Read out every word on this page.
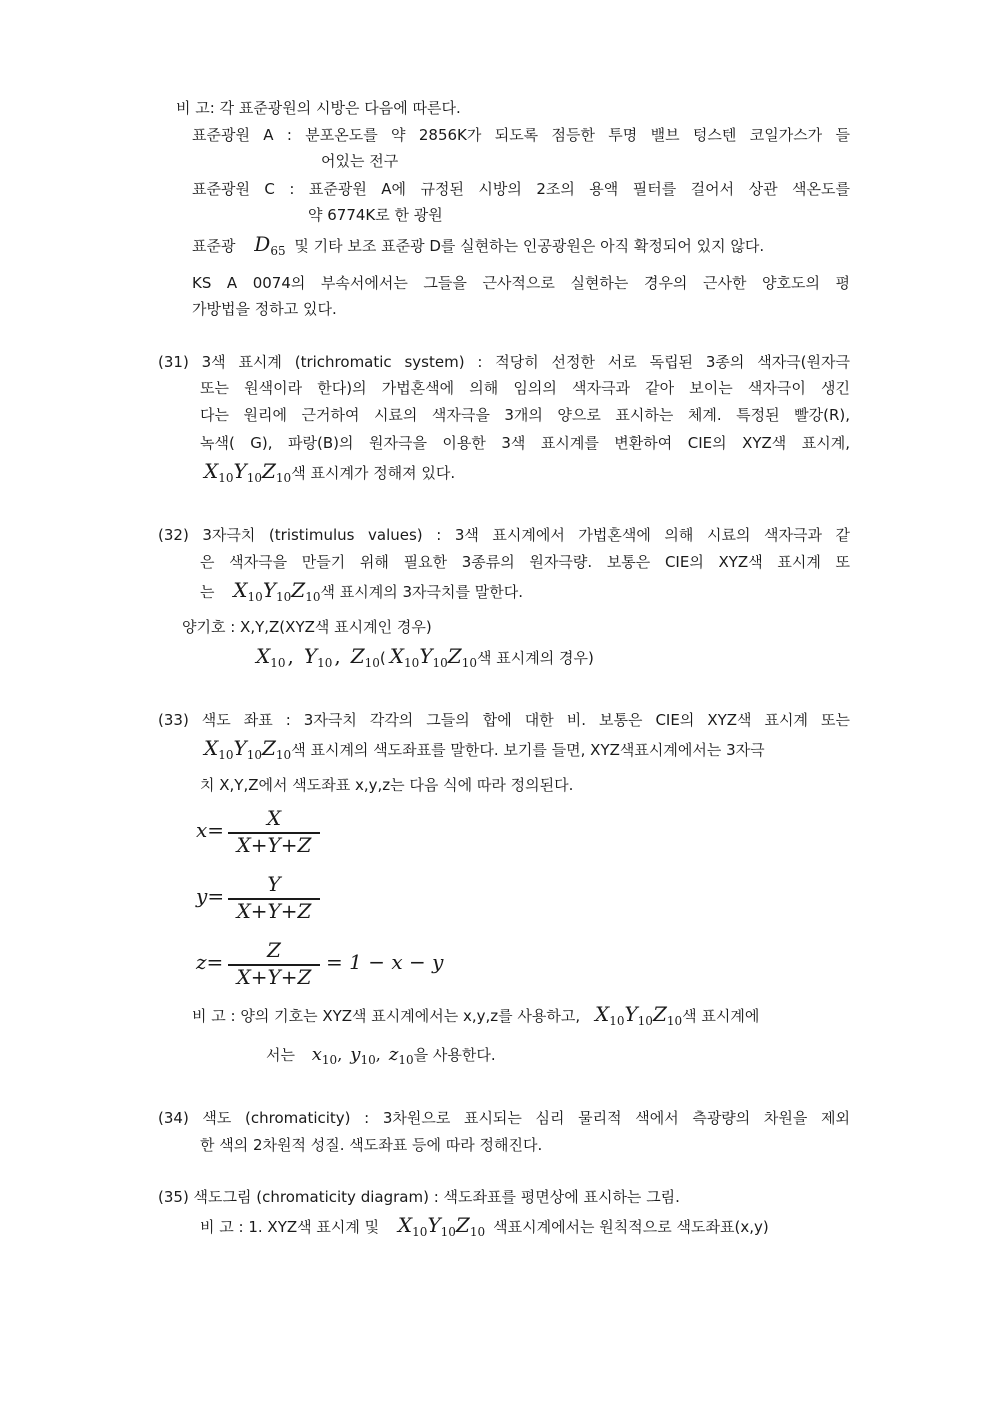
비 고: 각 표준광원의 시방은 다음에 따른다.
표준광원 A : 분포온도를 약 2856K가 되도록 점등한 투명 밸브 텅스텐 코일가스가 들
어있는 전구
표준광원 C : 표준광원 A에 규정된 시방의 2조의 용액 필터를 걸어서 상관 색온도를
약 6774K로 한 광원
표준광 $D_{65}$ 및 기타 보조 표준광 D를 실현하는 인공광원은 아직 확정되어 있지 않다.
KS A 0074의 부속서에서는 그들을 근사적으로 실현하는 경우의 근사한 양호도의 평
가방법을 정하고 있다.
(31) 3색 표시계 (trichromatic system) : 적당히 선정한 서로 독립된 3종의 색자극(원자극
또는 원색이라 한다)의 가법혼색에 의해 임의의 색자극과 같아 보이는 색자극이 생긴
다는 원리에 근거하여 시료의 색자극을 3개의 양으로 표시하는 체계. 특정된 빨강(R),
녹색( G), 파랑(B)의 원자극을 이용한 3색 표시계를 변환하여 CIE의 XYZ색 표시계,
$X_{10}Y_{10}Z_{10}$색 표시계가 정해져 있다.
(32) 3자극치 (tristimulus values) : 3색 표시계에서 가법혼색에 의해 시료의 색자극과 같
은 색자극을 만들기 위해 필요한 3종류의 원자극량. 보통은 CIE의 XYZ색 표시계 또
는 $X_{10}Y_{10}Z_{10}$색 표시계의 3자극치를 말한다.
양기호 : X,Y,Z(XYZ색 표시계인 경우)
$X_{10}$ , $Y_{10}$ , $Z_{10}$( $X_{10}Y_{10}Z_{10}$색 표시계의 경우)
(33) 색도 좌표 : 3자극치 각각의 그들의 합에 대한 비. 보통은 CIE의 XYZ색 표시계 또는
$X_{10}Y_{10}Z_{10}$색 표시계의 색도좌표를 말한다. 보기를 들면, XYZ색표시계에서는 3자극
치 X,Y,Z에서 색도좌표 x,y,z는 다음 식에 따라 정의된다.
x=	X
X+Y+Z
y=	Y
X+Y+Z
z=	Z
X+Y+Z
= 1 − x − y
비 고 : 양의 기호는 XYZ색 표시계에서는 x,y,z를 사용하고, $X_{10}Y_{10}Z_{10}$색 표시계에
서는 $x_{10}$, $y_{10}$, $z_{10}$을 사용한다.
(34) 색도 (chromaticity) : 3차원으로 표시되는 심리 물리적 색에서 측광량의 차원을 제외
한 색의 2차원적 성질. 색도좌표 등에 따라 정해진다.
(35) 색도그림 (chromaticity diagram) : 색도좌표를 평면상에 표시하는 그림.
비 고 : 1. XYZ색 표시계 및 $X_{10}Y_{10}Z_{10}$ 색표시계에서는 원칙적으로 색도좌표(x,y)
